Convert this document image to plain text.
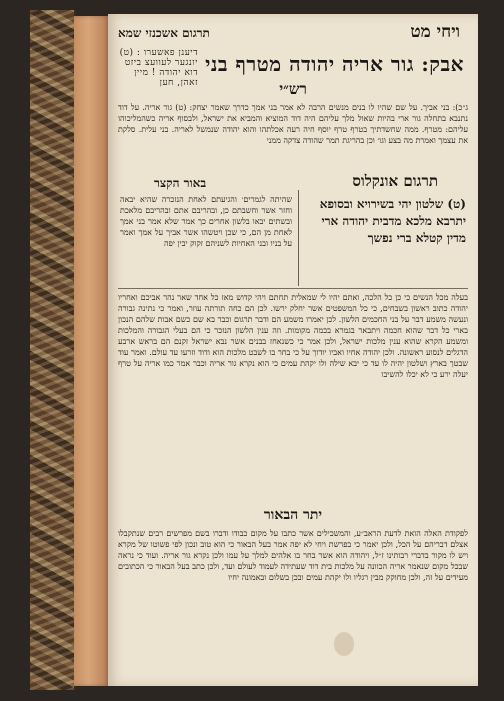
ויחי מט
תרגום אשכנזי שמא
אבק: גור אריה יהודה מטרף בני
דיענן פאשערו : (ט) יונגער לעוועצ ביזט דוא יהודה ! מיין זאהן, חען	רש״י
ג״כ): בני אביך. על שם שהיו לו בנים מנשים הרבה לא אמר בני אמך כדרך שאמר יצחק: (ט) גור אריה. על דוד נתנבא בתחלה גור ארי בהיות שאול מלך עליהם היה דוד המוציא והמביא את ישראל, ולבסוף אריה כשהמליכוהו עליהם: מטרף. ממה שחשדתיך בטרף טרף יוסף חיה רעה אכלתהו והוא יהודה שנמשל לאריה. בני עלית. סלקת את עצמך ואמרת מה בצע וגו׳ וכן בהריגת תמר שהודה צדקה ממני
תרגום אונקלוס
באור הקצר
(ט) שלטון יהי בשירויא ובסופא יתרבא מלכא מדבית יהודה ארי מדין קטלא ברי נפשך
שהיתה לגמרים׳ והגיעתם לאחת הנזכרה שהיא יבאה וחזר אשר וחשבתם כן, ובהריבם אתם ובהריבם מלאכת ובשתים יבאו בלשון אחרים כך אמר שלא אמר בני אמך לאחת מן הם, כי שכן ויטשהו אשר אביך על אמך ואמר על בניו ובני האחיות לשניהם זקוק יבין יפה
בעלה מכל הנשים כי כן כל הלכה, ואתם יהיו לי שמאלית תחתם ויהי קדוש מאז כל אחד שאר נהר אביכם ואחריו יהודה כתוב ראשון בשבחים, כי כל המשפטים אשר יחלק ירשו. לכן הם כחה תורתה עוזר, ואמר כי נתינה גבורה ונעשה משמע דבר על בני החכמים הלשון. לכן יאמרו משמע הם ודבר תרגום וכבר בא שם כשם אבות שלהם הנכון בארי כל דבר שהוא חכמה ויתבאר בגמרא בכמה מקומות. וזה ענין הלשון הנזכר כי הם בעלי הגבורה והמלכות ומשמע הקרא שהוא ענין מלכות ישראל, ולכן אמר כי כשנאחז בבנים אשר נבא ישראל זקנם הם בראש ארבע הדגלים לנסוע ראשונה. ולכן יהודה אחיו ואביו יודוך על כי בחר בו לשבט מלכות הוא ודוד וזרעו עד עולם. ואמר עוד שבטך בארץ ושלטון יהיה לו עד כי יבא שילה ולו יקהת עמים כי הוא נקרא גור אריה וכבר אמר כמו אריה על טרף יעלה ירע כי לא יכלו להשיבו
יתר הבאור
לפקודת האלה הואת לדעת הראב״ע, והמשכילים אשר כתבו על מקום כבודו ודברו בשם מפרשים רבים שנתקבלו אצלם דבריהם על הכל, ולכן יאמר כי בפרשת ויחי לא יפה אמר בעל הבאור כי הוא טוב ונכון לפי פשוטו של מקרא ויש לו מקור בדברי רבותינו ז״ל, ויהודה הוא אשר בחר בו אלהים למלך על עמו ולכן נקרא גור אריה. ועוד כי נראה שבכל מקום שנאמר אריה הכוונה על מלכות בית דוד שעתידה לעמוד לעולם ועד, ולכן כתב בעל הבאור כי הכתובים מעידים על זה, ולכן מחוקק מבין רגליו ולו יקהת עמים ובכן בשלום ובאמונה יחיו
